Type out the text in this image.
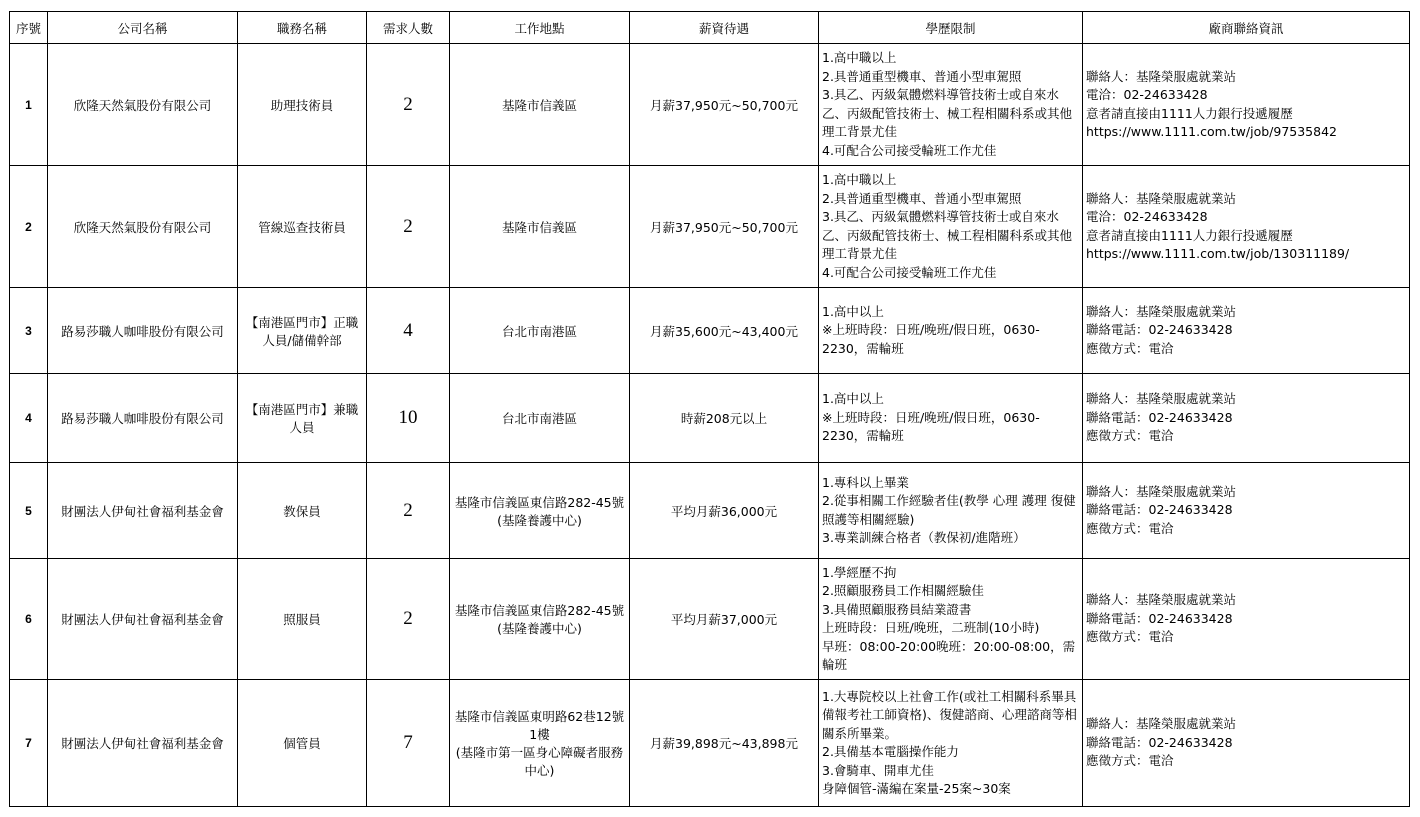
序號	公司名稱	職務名稱	需求人數	工作地點	薪資待遇	學歷限制	廠商聯絡資訊
1	欣隆天然氣股份有限公司	助理技術員	2	基隆市信義區	月薪37,950元~50,700元	1.高中職以上
2.具普通重型機車、普通小型車駕照
3.具乙、丙級氣體燃料導管技術士或自來水乙、丙級配管技術士、械工程相關科系或其他理工背景尤佳
4.可配合公司接受輪班工作尤佳	聯絡人：基隆榮服處就業站
電洽：02-24633428
意者請直接由1111人力銀行投遞履歷
https://www.1111.com.tw/job/97535842
2	欣隆天然氣股份有限公司	管線巡查技術員	2	基隆市信義區	月薪37,950元~50,700元	1.高中職以上
2.具普通重型機車、普通小型車駕照
3.具乙、丙級氣體燃料導管技術士或自來水乙、丙級配管技術士、械工程相關科系或其他理工背景尤佳
4.可配合公司接受輪班工作尤佳	聯絡人：基隆榮服處就業站
電洽：02-24633428
意者請直接由1111人力銀行投遞履歷
https://www.1111.com.tw/job/130311189/
3	路易莎職人咖啡股份有限公司	【南港區門市】正職人員/儲備幹部	4	台北市南港區	月薪35,600元~43,400元	1.高中以上
※上班時段：日班/晚班/假日班，0630-2230，需輪班	聯絡人：基隆榮服處就業站
聯絡電話：02-24633428
應徵方式：電洽
4	路易莎職人咖啡股份有限公司	【南港區門市】兼職人員	10	台北市南港區	時薪208元以上	1.高中以上
※上班時段：日班/晚班/假日班，0630-2230，需輪班	聯絡人：基隆榮服處就業站
聯絡電話：02-24633428
應徵方式：電洽
5	財團法人伊甸社會福利基金會	教保員	2	基隆市信義區東信路282-45號
(基隆養護中心)	平均月薪36,000元	1.專科以上畢業
2.從事相關工作經驗者佳(教學 心理 護理 復健 照護等相關經驗)
3.專業訓練合格者（教保初/進階班）	聯絡人：基隆榮服處就業站
聯絡電話：02-24633428
應徵方式：電洽
6	財團法人伊甸社會福利基金會	照服員	2	基隆市信義區東信路282-45號
(基隆養護中心)	平均月薪37,000元	1.學經歷不拘
2.照顧服務員工作相關經驗佳
3.具備照顧服務員結業證書
上班時段：日班/晚班，二班制(10小時)
早班：08:00-20:00晚班：20:00-08:00，需輪班	聯絡人：基隆榮服處就業站
聯絡電話：02-24633428
應徵方式：電洽
7	財團法人伊甸社會福利基金會	個管員	7	基隆市信義區東明路62巷12號1樓
(基隆市第一區身心障礙者服務中心)	月薪39,898元~43,898元	1.大專院校以上社會工作(或社工相關科系畢具備報考社工師資格)、復健諮商、心理諮商等相關系所畢業。
2.具備基本電腦操作能力
3.會騎車、開車尤佳
身障個管-滿編在案量-25案~30案	聯絡人：基隆榮服處就業站
聯絡電話：02-24633428
應徵方式：電洽
